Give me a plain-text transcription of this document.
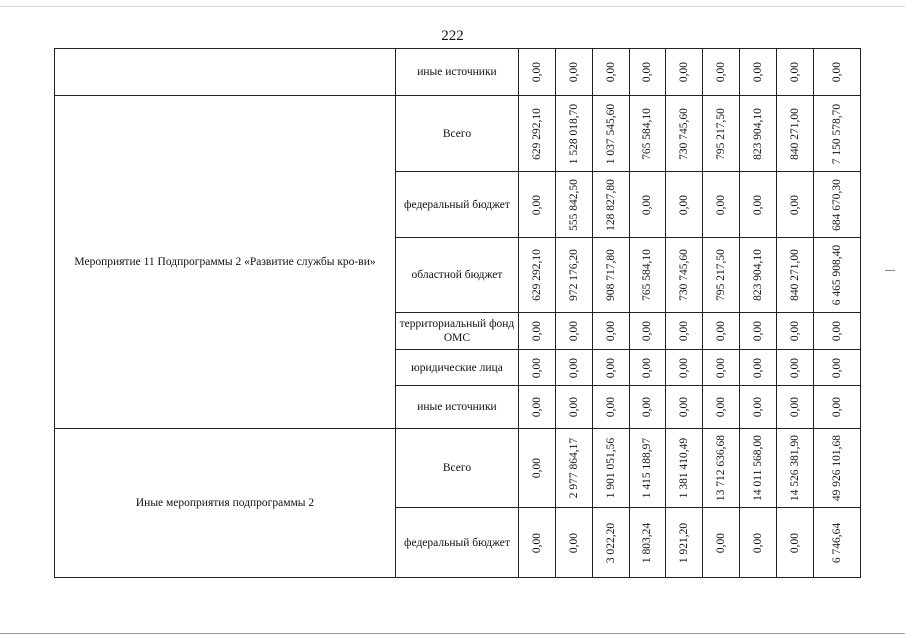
222
	иные источники	0,00	0,00	0,00	0,00	0,00	0,00	0,00	0,00	0,00

Мероприятие 11 Подпрограммы 2 «Развитие службы кро-ви»	Всего	629 292,10	1 528 018,70	1 037 545,60	765 584,10	730 745,60	795 217,50	823 904,10	840 271,00	7 150 578,70

	федеральный бюджет	0,00	555 842,50	128 827,80	0,00	0,00	0,00	0,00	0,00	684 670,30

	областной бюджет	629 292,10	972 176,20	908 717,80	765 584,10	730 745,60	795 217,50	823 904,10	840 271,00	6 465 908,40

	территориальный фонд ОМС	0,00	0,00	0,00	0,00	0,00	0,00	0,00	0,00	0,00

	юридические лица	0,00	0,00	0,00	0,00	0,00	0,00	0,00	0,00	0,00

	иные источники	0,00	0,00	0,00	0,00	0,00	0,00	0,00	0,00	0,00

Иные мероприятия подпрограммы 2	Всего	0,00	2 977 864,17	1 901 051,56	1 415 188,97	1 381 410,49	13 712 636,68	14 011 568,00	14 526 381,90	49 926 101,68

	федеральный бюджет	0,00	0,00	3 022,20	1 803,24	1 921,20	0,00	0,00	0,00	6 746,64
